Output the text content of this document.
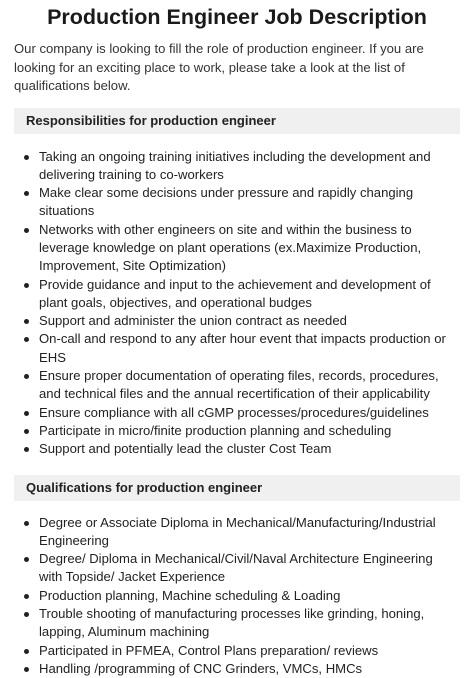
Production Engineer Job Description

Our company is looking to fill the role of production engineer. If you are looking for an exciting place to work, please take a look at the list of qualifications below.

Responsibilities for production engineer
Taking an ongoing training initiatives including the development and delivering training to co-workers
Make clear some decisions under pressure and rapidly changing situations
Networks with other engineers on site and within the business to leverage knowledge on plant operations (ex.Maximize Production, Improvement, Site Optimization)
Provide guidance and input to the achievement and development of plant goals, objectives, and operational budges
Support and administer the union contract as needed
On-call and respond to any after hour event that impacts production or EHS
Ensure proper documentation of operating files, records, procedures, and technical files and the annual recertification of their applicability
Ensure compliance with all cGMP processes/procedures/guidelines
Participate in micro/finite production planning and scheduling
Support and potentially lead the cluster Cost Team
Qualifications for production engineer
Degree or Associate Diploma in Mechanical/Manufacturing/Industrial Engineering
Degree/ Diploma in Mechanical/Civil/Naval Architecture Engineering with Topside/ Jacket Experience
Production planning, Machine scheduling & Loading
Trouble shooting of manufacturing processes like grinding, honing, lapping, Aluminum machining
Participated in PFMEA, Control Plans preparation/ reviews
Handling /programming of CNC Grinders, VMCs, HMCs
